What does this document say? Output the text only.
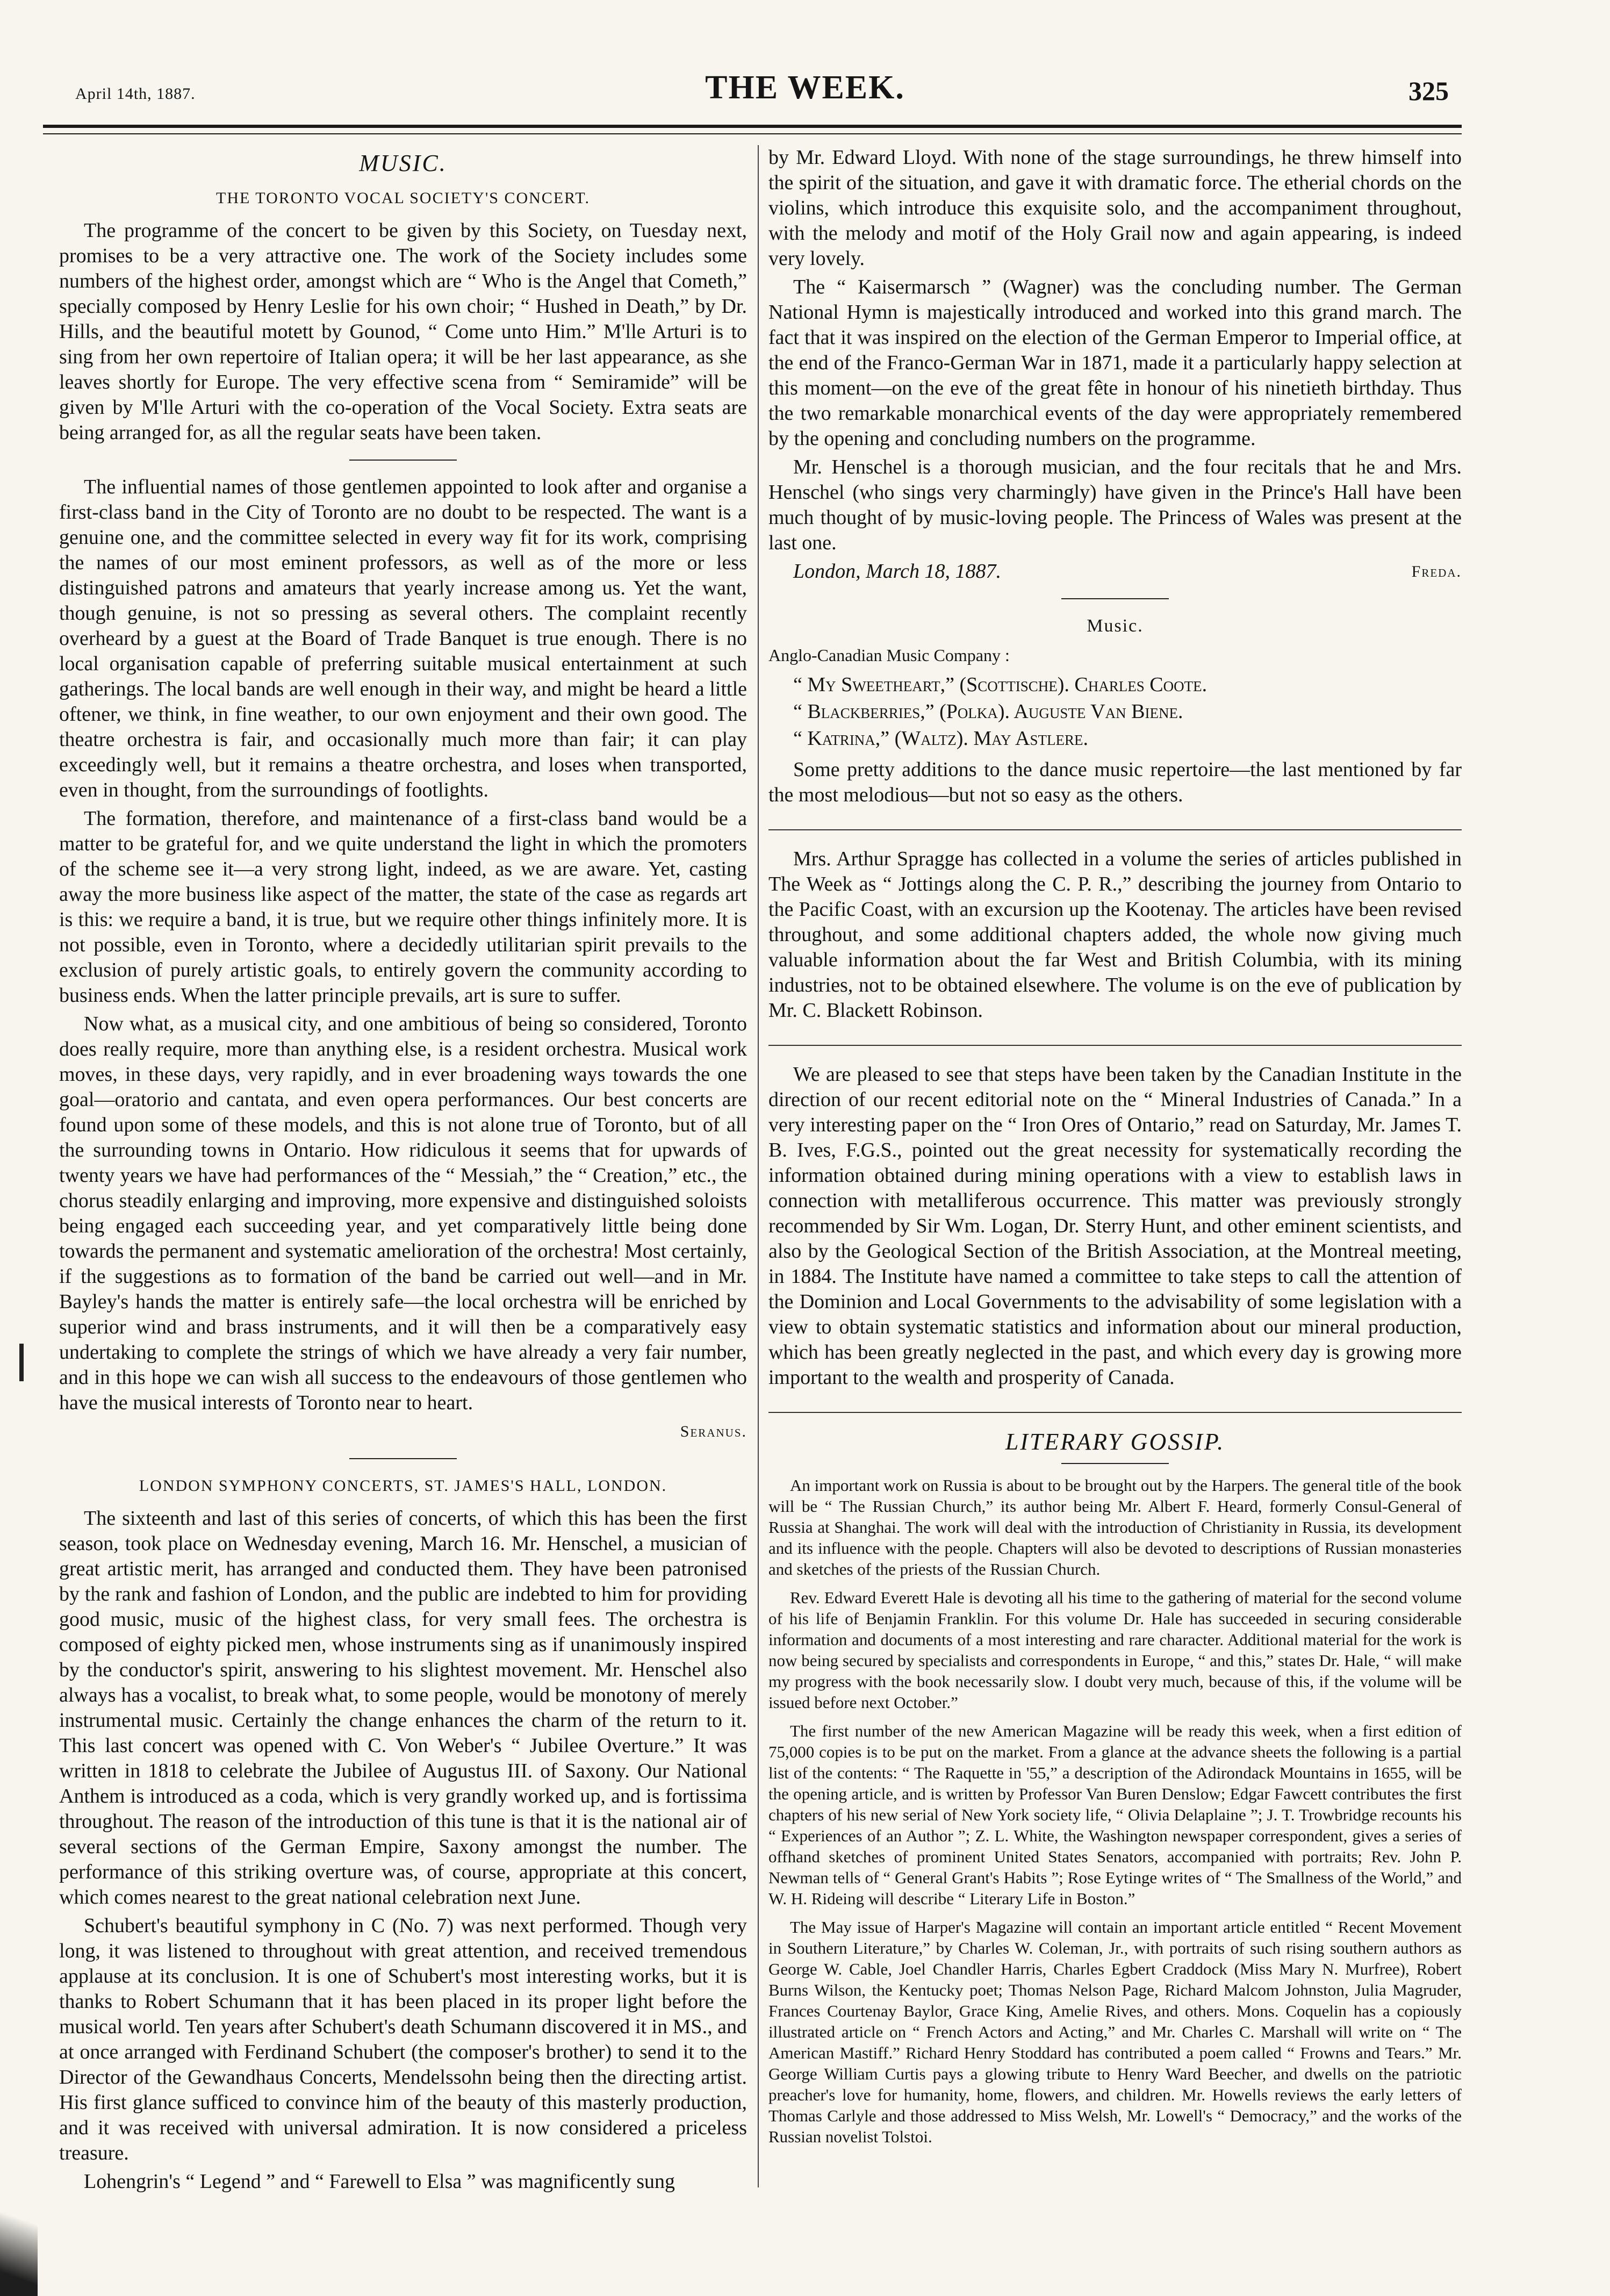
April 14th, 1887.	THE WEEK.	325
MUSIC.
THE TORONTO VOCAL SOCIETY'S CONCERT.

The programme of the concert to be given by this Society, on Tuesday next, promises to be a very attractive one. The work of the Society includes some numbers of the highest order, amongst which are “ Who is the Angel that Cometh,” specially composed by Henry Leslie for his own choir; “ Hushed in Death,” by Dr. Hills, and the beautiful motett by Gounod, “ Come unto Him.” M'lle Arturi is to sing from her own repertoire of Italian opera; it will be her last appearance, as she leaves shortly for Europe. The very effective scena from “ Semiramide” will be given by M'lle Arturi with the co-operation of the Vocal Society. Extra seats are being arranged for, as all the regular seats have been taken.

The influential names of those gentlemen appointed to look after and organise a first-class band in the City of Toronto are no doubt to be respected. The want is a genuine one, and the committee selected in every way fit for its work, comprising the names of our most eminent professors, as well as of the more or less distinguished patrons and amateurs that yearly increase among us. Yet the want, though genuine, is not so pressing as several others. The complaint recently overheard by a guest at the Board of Trade Banquet is true enough. There is no local organisation capable of preferring suitable musical entertainment at such gatherings. The local bands are well enough in their way, and might be heard a little oftener, we think, in fine weather, to our own enjoyment and their own good. The theatre orchestra is fair, and occasionally much more than fair; it can play exceedingly well, but it remains a theatre orchestra, and loses when transported, even in thought, from the surroundings of footlights.

The formation, therefore, and maintenance of a first-class band would be a matter to be grateful for, and we quite understand the light in which the promoters of the scheme see it—a very strong light, indeed, as we are aware. Yet, casting away the more business like aspect of the matter, the state of the case as regards art is this: we require a band, it is true, but we require other things infinitely more. It is not possible, even in Toronto, where a decidedly utilitarian spirit prevails to the exclusion of purely artistic goals, to entirely govern the community according to business ends. When the latter principle prevails, art is sure to suffer.

Now what, as a musical city, and one ambitious of being so considered, Toronto does really require, more than anything else, is a resident orchestra. Musical work moves, in these days, very rapidly, and in ever broadening ways towards the one goal—oratorio and cantata, and even opera performances. Our best concerts are found upon some of these models, and this is not alone true of Toronto, but of all the surrounding towns in Ontario. How ridiculous it seems that for upwards of twenty years we have had performances of the “ Messiah,” the “ Creation,” etc., the chorus steadily enlarging and improving, more expensive and distinguished soloists being engaged each succeeding year, and yet comparatively little being done towards the permanent and systematic amelioration of the orchestra! Most certainly, if the suggestions as to formation of the band be carried out well—and in Mr. Bayley's hands the matter is entirely safe—the local orchestra will be enriched by superior wind and brass instruments, and it will then be a comparatively easy undertaking to complete the strings of which we have already a very fair number, and in this hope we can wish all success to the endeavours of those gentlemen who have the musical interests of Toronto near to heart.

Seranus.
LONDON SYMPHONY CONCERTS, ST. JAMES'S HALL, LONDON.

The sixteenth and last of this series of concerts, of which this has been the first season, took place on Wednesday evening, March 16. Mr. Henschel, a musician of great artistic merit, has arranged and conducted them. They have been patronised by the rank and fashion of London, and the public are indebted to him for providing good music, music of the highest class, for very small fees. The orchestra is composed of eighty picked men, whose instruments sing as if unanimously inspired by the conductor's spirit, answering to his slightest movement. Mr. Henschel also always has a vocalist, to break what, to some people, would be monotony of merely instrumental music. Certainly the change enhances the charm of the return to it. This last concert was opened with C. Von Weber's “ Jubilee Overture.” It was written in 1818 to celebrate the Jubilee of Augustus III. of Saxony. Our National Anthem is introduced as a coda, which is very grandly worked up, and is fortissima throughout. The reason of the introduction of this tune is that it is the national air of several sections of the German Empire, Saxony amongst the number. The performance of this striking overture was, of course, appropriate at this concert, which comes nearest to the great national celebration next June.

Schubert's beautiful symphony in C (No. 7) was next performed. Though very long, it was listened to throughout with great attention, and received tremendous applause at its conclusion. It is one of Schubert's most interesting works, but it is thanks to Robert Schumann that it has been placed in its proper light before the musical world. Ten years after Schubert's death Schumann discovered it in MS., and at once arranged with Ferdinand Schubert (the composer's brother) to send it to the Director of the Gewandhaus Concerts, Mendelssohn being then the directing artist. His first glance sufficed to convince him of the beauty of this masterly production, and it was received with universal admiration. It is now considered a priceless treasure.

Lohengrin's “ Legend ” and “ Farewell to Elsa ” was magnificently sung

by Mr. Edward Lloyd. With none of the stage surroundings, he threw himself into the spirit of the situation, and gave it with dramatic force. The etherial chords on the violins, which introduce this exquisite solo, and the accompaniment throughout, with the melody and motif of the Holy Grail now and again appearing, is indeed very lovely.

The “ Kaisermarsch ” (Wagner) was the concluding number. The German National Hymn is majestically introduced and worked into this grand march. The fact that it was inspired on the election of the German Emperor to Imperial office, at the end of the Franco-German War in 1871, made it a particularly happy selection at this moment—on the eve of the great fête in honour of his ninetieth birthday. Thus the two remarkable monarchical events of the day were appropriately remembered by the opening and concluding numbers on the programme.

Mr. Henschel is a thorough musician, and the four recitals that he and Mrs. Henschel (who sings very charmingly) have given in the Prince's Hall have been much thought of by music-loving people. The Princess of Wales was present at the last one.

Freda.
London, March 18, 1887.
Music.
Anglo-Canadian Music Company :
“ My Sweetheart,” (Scottische). Charles Coote.
“ Blackberries,” (Polka). Auguste Van Biene.
“ Katrina,” (Waltz). May Astlere.

Some pretty additions to the dance music repertoire—the last mentioned by far the most melodious—but not so easy as the others.

Mrs. Arthur Spragge has collected in a volume the series of articles published in The Week as “ Jottings along the C. P. R.,” describing the journey from Ontario to the Pacific Coast, with an excursion up the Kootenay. The articles have been revised throughout, and some additional chapters added, the whole now giving much valuable information about the far West and British Columbia, with its mining industries, not to be obtained elsewhere. The volume is on the eve of publication by Mr. C. Blackett Robinson.

We are pleased to see that steps have been taken by the Canadian Institute in the direction of our recent editorial note on the “ Mineral Industries of Canada.” In a very interesting paper on the “ Iron Ores of Ontario,” read on Saturday, Mr. James T. B. Ives, F.G.S., pointed out the great necessity for systematically recording the information obtained during mining operations with a view to establish laws in connection with metalliferous occurrence. This matter was previously strongly recommended by Sir Wm. Logan, Dr. Sterry Hunt, and other eminent scientists, and also by the Geological Section of the British Association, at the Montreal meeting, in 1884. The Institute have named a committee to take steps to call the attention of the Dominion and Local Governments to the advisability of some legislation with a view to obtain systematic statistics and information about our mineral production, which has been greatly neglected in the past, and which every day is growing more important to the wealth and prosperity of Canada.

LITERARY GOSSIP.

An important work on Russia is about to be brought out by the Harpers. The general title of the book will be “ The Russian Church,” its author being Mr. Albert F. Heard, formerly Consul-General of Russia at Shanghai. The work will deal with the introduction of Christianity in Russia, its development and its influence with the people. Chapters will also be devoted to descriptions of Russian monasteries and sketches of the priests of the Russian Church.

Rev. Edward Everett Hale is devoting all his time to the gathering of material for the second volume of his life of Benjamin Franklin. For this volume Dr. Hale has succeeded in securing considerable information and documents of a most interesting and rare character. Additional material for the work is now being secured by specialists and correspondents in Europe, “ and this,” states Dr. Hale, “ will make my progress with the book necessarily slow. I doubt very much, because of this, if the volume will be issued before next October.”

The first number of the new American Magazine will be ready this week, when a first edition of 75,000 copies is to be put on the market. From a glance at the advance sheets the following is a partial list of the contents: “ The Raquette in '55,” a description of the Adirondack Mountains in 1655, will be the opening article, and is written by Professor Van Buren Denslow; Edgar Fawcett contributes the first chapters of his new serial of New York society life, “ Olivia Delaplaine ”; J. T. Trowbridge recounts his “ Experiences of an Author ”; Z. L. White, the Washington newspaper correspondent, gives a series of offhand sketches of prominent United States Senators, accompanied with portraits; Rev. John P. Newman tells of “ General Grant's Habits ”; Rose Eytinge writes of “ The Smallness of the World,” and W. H. Rideing will describe “ Literary Life in Boston.”

The May issue of Harper's Magazine will contain an important article entitled “ Recent Movement in Southern Literature,” by Charles W. Coleman, Jr., with portraits of such rising southern authors as George W. Cable, Joel Chandler Harris, Charles Egbert Craddock (Miss Mary N. Murfree), Robert Burns Wilson, the Kentucky poet; Thomas Nelson Page, Richard Malcom Johnston, Julia Magruder, Frances Courtenay Baylor, Grace King, Amelie Rives, and others. Mons. Coquelin has a copiously illustrated article on “ French Actors and Acting,” and Mr. Charles C. Marshall will write on “ The American Mastiff.” Richard Henry Stoddard has contributed a poem called “ Frowns and Tears.” Mr. George William Curtis pays a glowing tribute to Henry Ward Beecher, and dwells on the patriotic preacher's love for humanity, home, flowers, and children. Mr. Howells reviews the early letters of Thomas Carlyle and those addressed to Miss Welsh, Mr. Lowell's “ Democracy,” and the works of the Russian novelist Tolstoi.
